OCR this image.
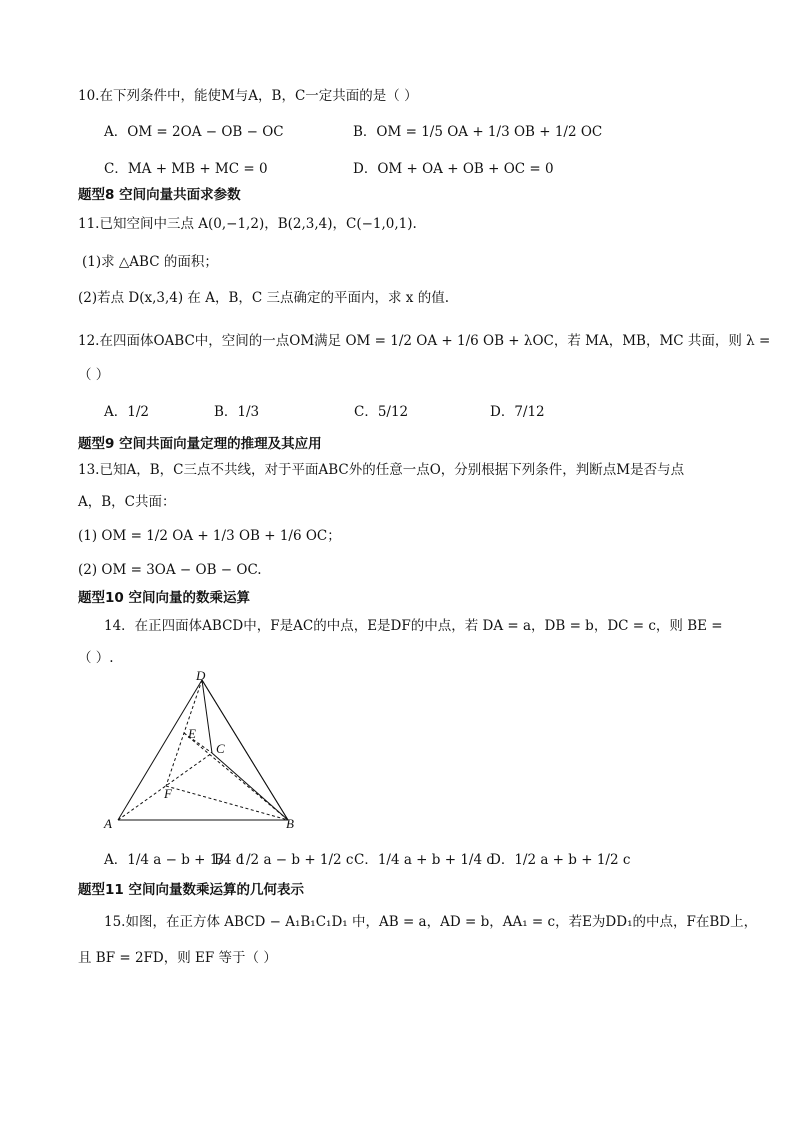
10.在下列条件中，能使M与A，B，C一定共面的是（ ）
A．OM = 2OA − OB − OC	B．OM = 1/5 OA + 1/3 OB + 1/2 OC
C．MA + MB + MC = 0	D．OM + OA + OB + OC = 0
题型8 空间向量共面求参数
11.已知空间中三点 A(0,−1,2)，B(2,3,4)，C(−1,0,1).
(1)求 △ABC 的面积；
(2)若点 D(x,3,4) 在 A，B，C 三点确定的平面内，求 x 的值.
12.在四面体OABC中，空间的一点OM满足 OM = 1/2 OA + 1/6 OB + λOC，若 MA，MB，MC 共面，则 λ =
（ ）
A．1/2	B．1/3	C．5/12	D．7/12
题型9 空间共面向量定理的推理及其应用
13.已知A，B，C三点不共线，对于平面ABC外的任意一点O，分别根据下列条件，判断点M是否与点
A，B，C共面：
(1) OM = 1/2 OA + 1/3 OB + 1/6 OC；
(2) OM = 3OA − OB − OC.
题型10 空间向量的数乘运算
14．在正四面体ABCD中，F是AC的中点，E是DF的中点，若 DA = a，DB = b，DC = c，则 BE =
（ ）.
D
E
C
F
A	B
A．1/4 a − b + 1/4 c
B．1/2 a − b + 1/2 c C．1/4 a + b + 1/4 c
D．1/2 a + b + 1/2 c
题型11 空间向量数乘运算的几何表示
15.如图，在正方体 ABCD − A₁B₁C₁D₁ 中，AB = a，AD = b，AA₁ = c，若E为DD₁的中点，F在BD上，
且 BF = 2FD，则 EF 等于（ ）
